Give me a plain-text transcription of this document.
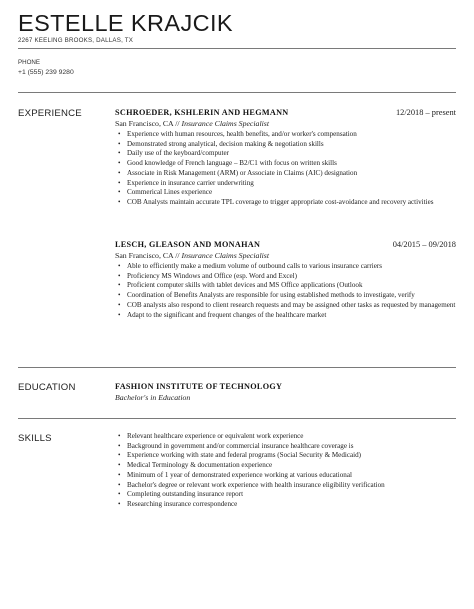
ESTELLE KRAJCIK
2267 KEELING BROOKS, DALLAS, TX
PHONE
+1 (555) 239 9280
EXPERIENCE	SCHROEDER, KSHLERIN AND HEGMANN	12/2018 – present
San Francisco, CA // Insurance Claims Specialist
• Experience with human resources, health benefits, and/or worker's compensation
• Demonstrated strong analytical, decision making & negotiation skills
• Daily use of the keyboard/computer
• Good knowledge of French language – B2/C1 with focus on written skills
• Associate in Risk Management (ARM) or Associate in Claims (AIC) designation
• Experience in insurance carrier underwriting
• Commerical Lines experience
• COB Analysts maintain accurate TPL coverage to trigger appropriate cost-avoidance and recovery activities
LESCH, GLEASON AND MONAHAN	04/2015 – 09/2018
San Francisco, CA // Insurance Claims Specialist
• Able to efficiently make a medium volume of outbound calls to various insurance carriers
• Proficiency MS Windows and Office (esp. Word and Excel)
• Proficient computer skills with tablet devices and MS Office applications (Outlook
• Coordination of Benefits Analysts are responsible for using established methods to investigate, verify
• COB analysts also respond to client research requests and may be assigned other tasks as requested by management
• Adapt to the significant and frequent changes of the healthcare market
EDUCATION	FASHION INSTITUTE OF TECHNOLOGY
Bachelor's in Education
SKILLS
•	Relevant healthcare experience or equivalent work experience
• Background in government and/or commercial insurance healthcare coverage is
• Experience working with state and federal programs (Social Security & Medicaid)
• Medical Terminology & documentation experience
• Minimum of 1 year of demonstrated experience working at various educational
• Bachelor's degree or relevant work experience with health insurance eligibility verification
• Completing outstanding insurance report
• Researching insurance correspondence
